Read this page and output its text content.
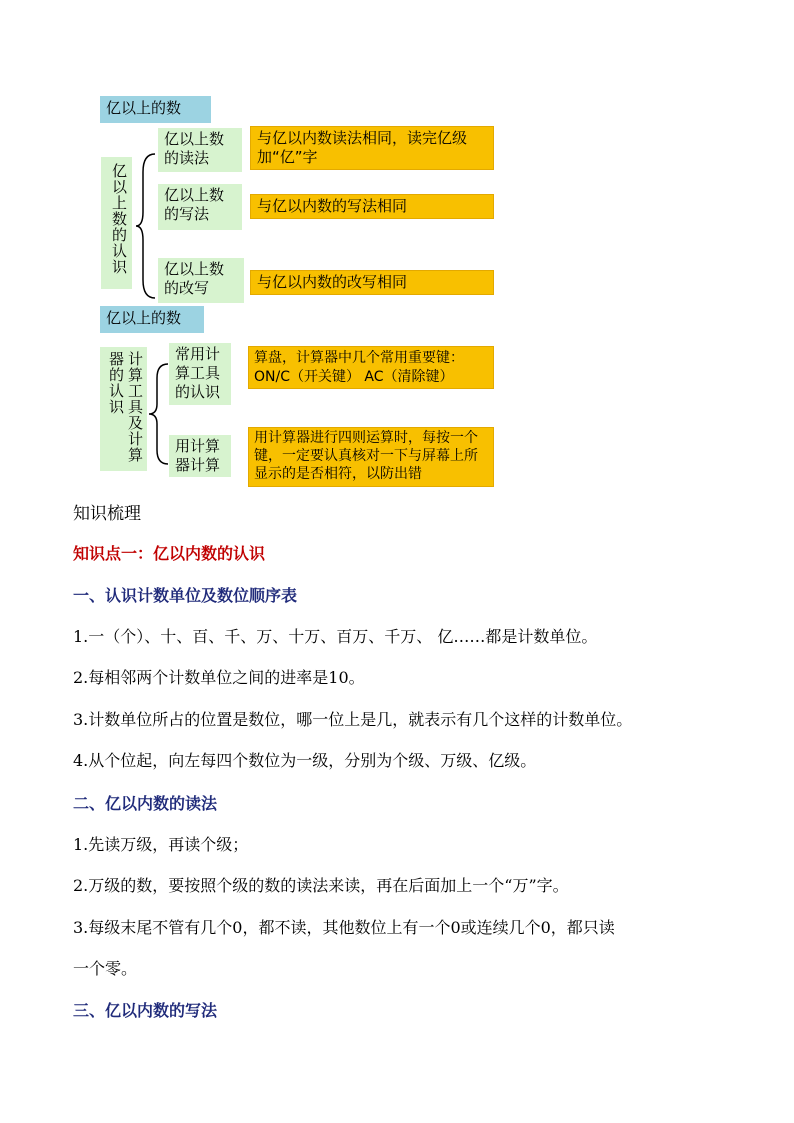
亿以上的数
亿以上数的认识
亿以上数的读法
与亿以内数读法相同，读完亿级加“亿”字
亿以上数的写法	与亿以内数的写法相同
亿以上数的改写	与亿以内数的改写相同
亿以上的数
计算工具及计算器的认识	常用计算工具的认识
算盘，计算器中几个常用重要键：ON/C（开关键） AC（清除键）
用计算器计算
用计算器进行四则运算时，每按一个键，一定要认真核对一下与屏幕上所显示的是否相符，以防出错
知识梳理
知识点一：亿以内数的认识
一、认识计数单位及数位顺序表
1.一（个）、十、百、千、万、十万、百万、千万、 亿……都是计数单位。
2.每相邻两个计数单位之间的进率是10。
3.计数单位所占的位置是数位，哪一位上是几，就表示有几个这样的计数单位。
4.从个位起，向左每四个数位为一级，分别为个级、万级、亿级。
二、亿以内数的读法
1.先读万级，再读个级；
2.万级的数，要按照个级的数的读法来读，再在后面加上一个“万”字。
3.每级末尾不管有几个0，都不读，其他数位上有一个0或连续几个0，都只读
一个零。
三、亿以内数的写法
